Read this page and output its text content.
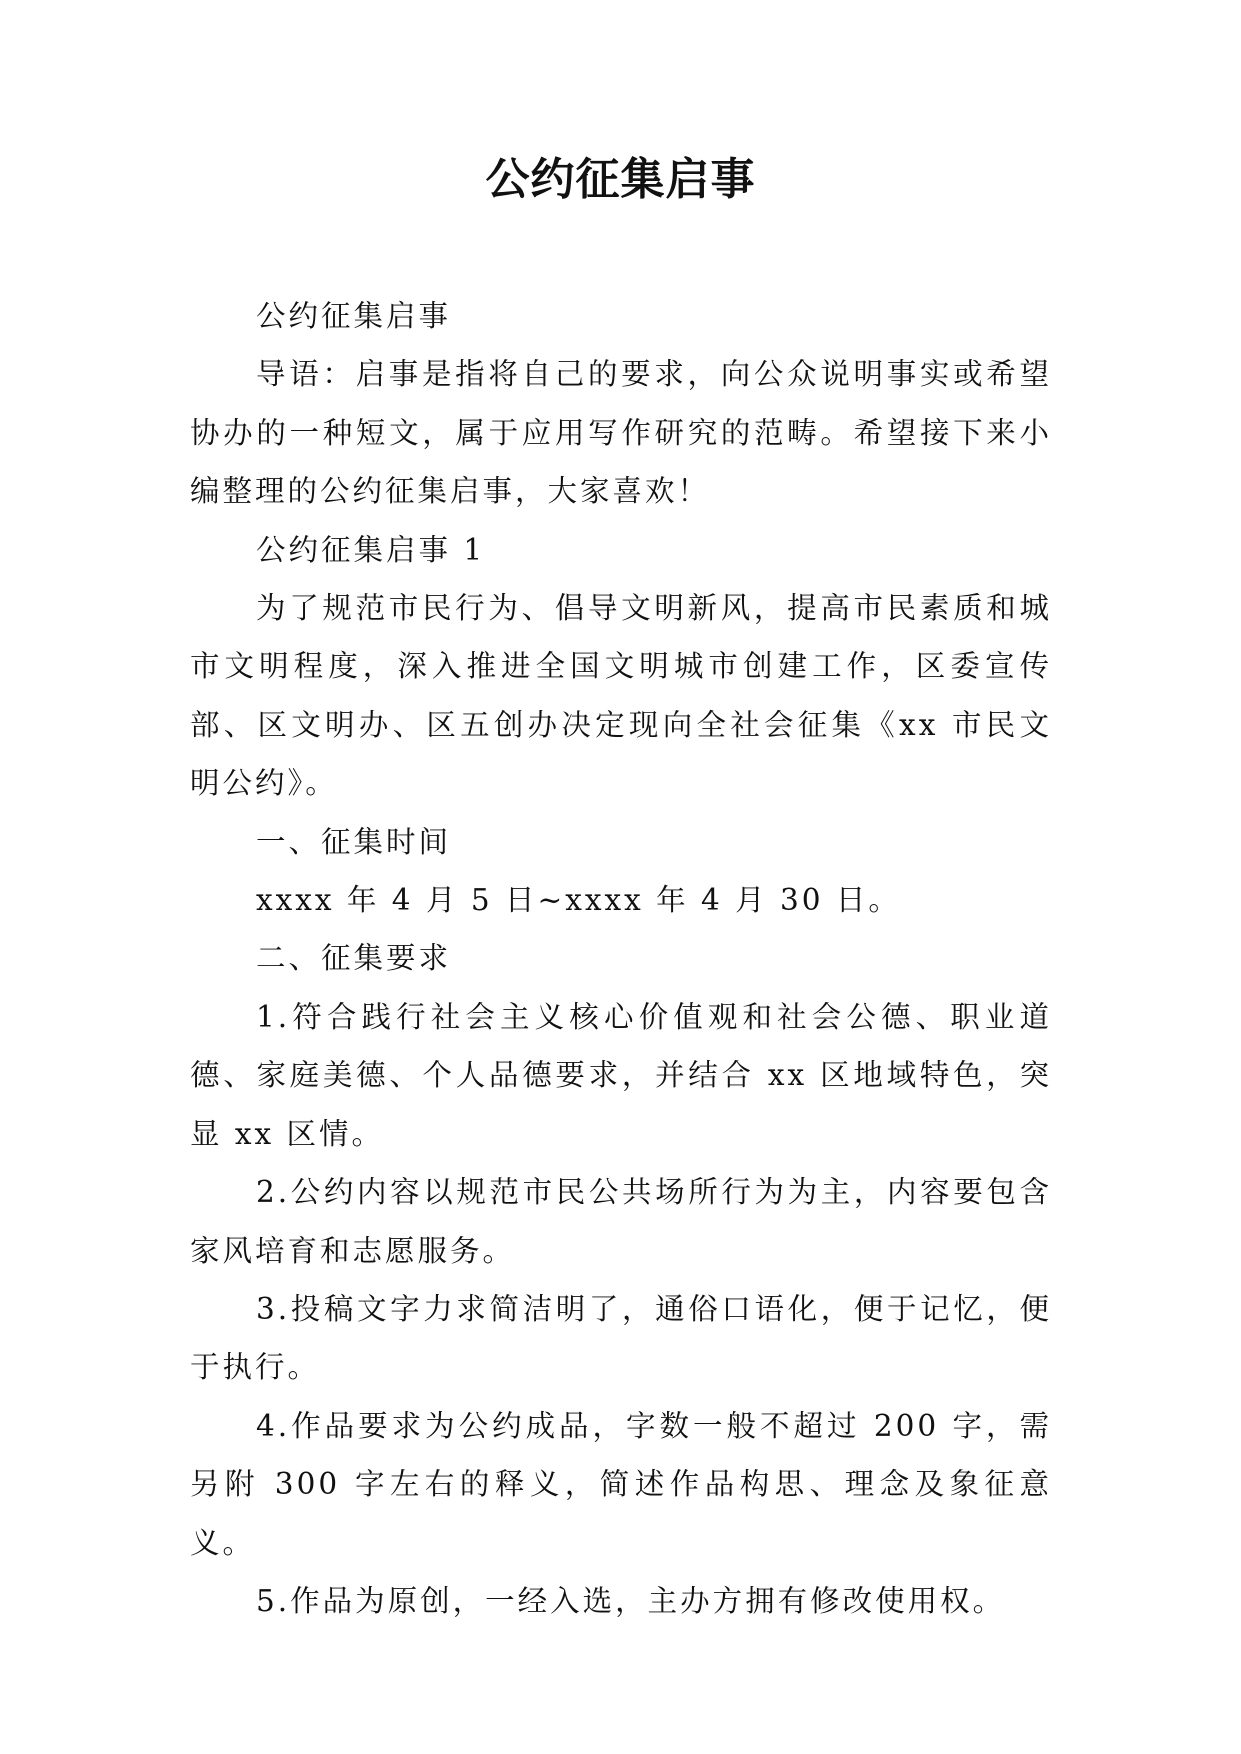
公约征集启事

公约征集启事

导语：启事是指将自己的要求，向公众说明事实或希望协办的一种短文，属于应用写作研究的范畴。希望接下来小编整理的公约征集启事，大家喜欢！

公约征集启事 1

为了规范市民行为、倡导文明新风，提高市民素质和城市文明程度，深入推进全国文明城市创建工作，区委宣传部、区文明办、区五创办决定现向全社会征集《xx 市民文明公约》。

一、征集时间

xxxx 年 4 月 5 日~xxxx 年 4 月 30 日。

二、征集要求

1.符合践行社会主义核心价值观和社会公德、职业道德、家庭美德、个人品德要求，并结合 xx 区地域特色，突显 xx 区情。

2.公约内容以规范市民公共场所行为为主，内容要包含家风培育和志愿服务。

3.投稿文字力求简洁明了，通俗口语化，便于记忆，便于执行。

4.作品要求为公约成品，字数一般不超过 200 字，需另附 300 字左右的释义，简述作品构思、理念及象征意义。

5.作品为原创，一经入选，主办方拥有修改使用权。
